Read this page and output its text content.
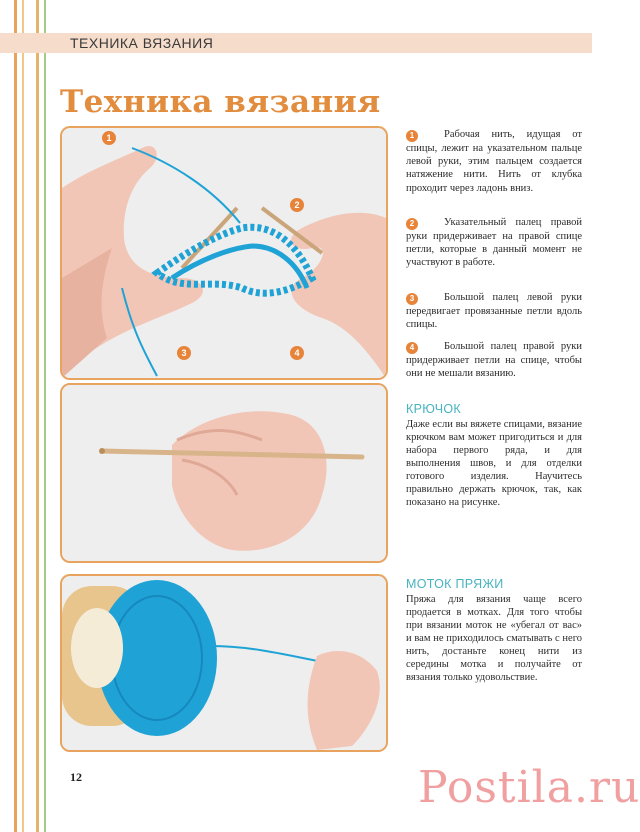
ТЕХНИКА ВЯЗАНИЯ
Техника вязания
1
2
3	4
1	Рабочая нить, идущая от спицы, лежит на указательном пальце левой руки, этим пальцем создается натяжение нити. Нить от клубка проходит через ладонь вниз.
2	Указательный палец правой руки придерживает на правой спице петли, которые в данный момент не участвуют в работе.
3	Большой палец левой руки передвигает провязанные петли вдоль спицы.
4	Большой палец правой руки придерживает петли на спице, чтобы они не мешали вязанию.
КРЮЧОК
Даже если вы вяжете спицами, вязание крючком вам может пригодиться и для набора первого ряда, и для выполнения швов, и для отделки готового изделия. Научитесь правильно держать крючок, так, как показано на рисунке.
МОТОК ПРЯЖИ
Пряжа для вязания чаще всего продается в мотках. Для того чтобы при вязании моток не «убегал от вас» и вам не приходилось сматывать с него нить, достаньте конец нити из середины мотка и получайте от вязания только удовольствие.
12	Postila.ru
